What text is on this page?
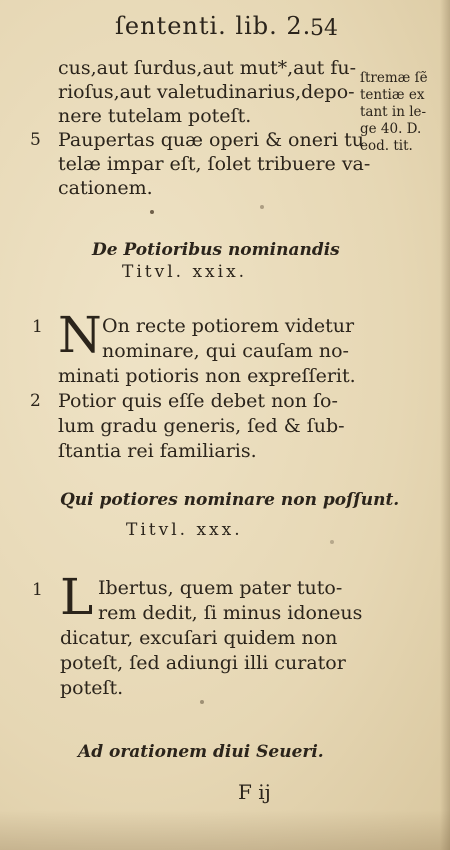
ſententi. lib. 2.
54
cus,aut ſurdus,aut mut*,aut fu-
rioſus,aut valetudinarius,depo-
nere tutelam poteſt.
5 Paupertas quæ operi & oneri tu
telæ impar eſt, ſolet tribuere va-
cationem.
ſtremæ ſẽ
tentiæ ex
tant in le-
ge 40. D.
eod. tit.
De Potioribus nominandis
Titvl. xxix.
1 N On recte potiorem videtur
nominare, qui cauſam no-
minati potioris non expreſſerit.
2 Potior quis eſſe debet non ſo-
lum gradu generis, ſed & ſub-
ſtantia rei familiaris.
Qui potiores nominare non poſſunt.
Titvl. xxx.
1 L Ibertus, quem pater tuto-
rem dedit, ſi minus idoneus
dicatur, excuſari quidem non
poteſt, ſed adiungi illi curator
poteſt.
Ad orationem diui Seueri.
F ij
